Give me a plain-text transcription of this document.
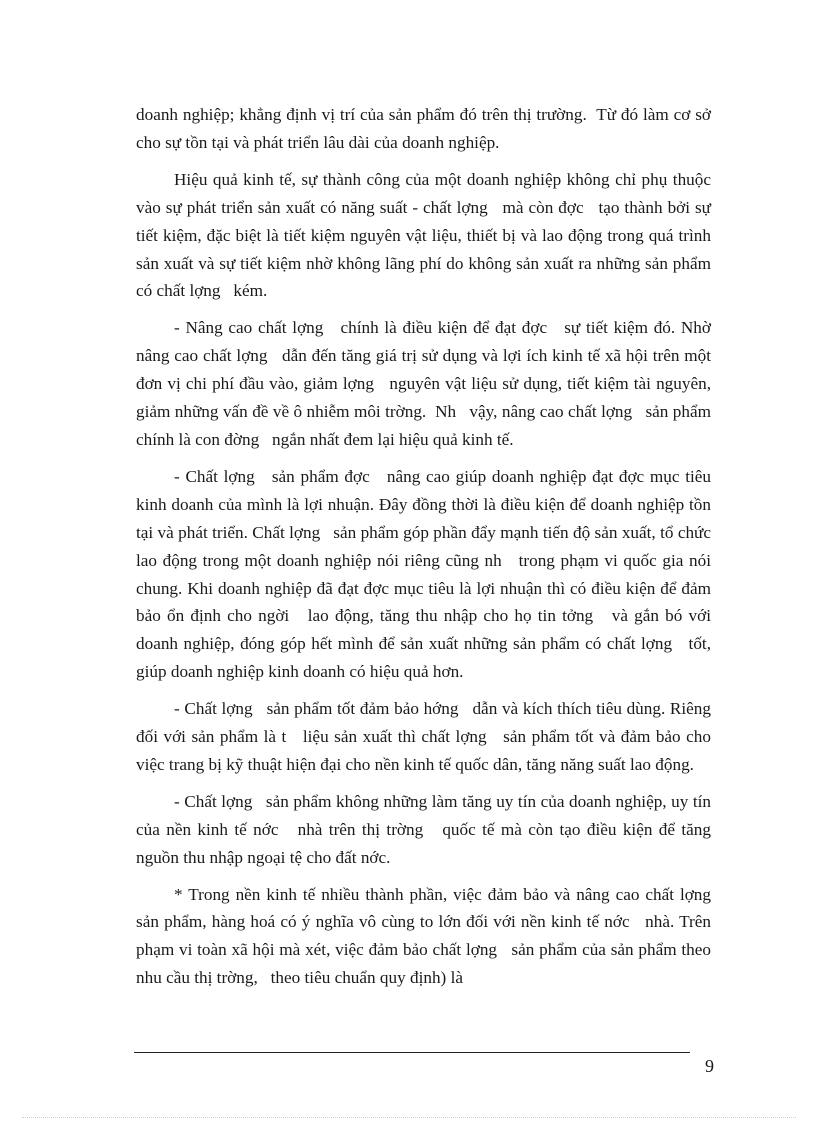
doanh nghiệp; khẳng định vị trí của sản phẩm đó trên thị trường.  Từ đó làm cơ sở cho sự tồn tại và phát triển lâu dài của doanh nghiệp.

Hiệu quả kinh tế, sự thành công của một doanh nghiệp không chỉ phụ thuộc vào sự phát triển sản xuất có năng suất - chất lợng   mà còn đợc   tạo thành bởi sự tiết kiệm, đặc biệt là tiết kiệm nguyên vật liệu, thiết bị và lao động trong quá trình sản xuất và sự tiết kiệm nhờ không lãng phí do không sản xuất ra những sản phẩm có chất lợng   kém.

- Nâng cao chất lợng   chính là điều kiện để đạt đợc   sự tiết kiệm đó. Nhờ nâng cao chất lợng   dẫn đến tăng giá trị sử dụng và lợi ích kinh tế xã hội trên một đơn vị chi phí đầu vào, giảm lợng   nguyên vật liệu sử dụng, tiết kiệm tài nguyên, giảm những vấn đề về ô nhiễm môi trờng.  Nh   vậy, nâng cao chất lợng   sản phẩm chính là con đờng   ngắn nhất đem lại hiệu quả kinh tế.

- Chất lợng   sản phẩm đợc   nâng cao giúp doanh nghiệp đạt đợc mục tiêu kinh doanh của mình là lợi nhuận. Đây đồng thời là điều kiện để doanh nghiệp tồn tại và phát triển. Chất lợng   sản phẩm góp phần đẩy mạnh tiến độ sản xuất, tổ chức lao động trong một doanh nghiệp nói riêng cũng nh   trong phạm vi quốc gia nói chung. Khi doanh nghiệp đã đạt đợc mục tiêu là lợi nhuận thì có điều kiện để đảm bảo ổn định cho ngời   lao động, tăng thu nhập cho họ tin tởng   và gắn bó với doanh nghiệp, đóng góp hết mình để sản xuất những sản phẩm có chất lợng   tốt, giúp doanh nghiệp kinh doanh có hiệu quả hơn.

- Chất lợng   sản phẩm tốt đảm bảo hớng   dẫn và kích thích tiêu dùng. Riêng đối với sản phẩm là t   liệu sản xuất thì chất lợng   sản phẩm tốt và đảm bảo cho việc trang bị kỹ thuật hiện đại cho nền kinh tế quốc dân, tăng năng suất lao động.

- Chất lợng   sản phẩm không những làm tăng uy tín của doanh nghiệp, uy tín của nền kinh tế nớc   nhà trên thị trờng   quốc tế mà còn tạo điều kiện để tăng nguồn thu nhập ngoại tệ cho đất nớc.

* Trong nền kinh tế nhiều thành phần, việc đảm bảo và nâng cao chất lợng   sản phẩm, hàng hoá có ý nghĩa vô cùng to lớn đối với nền kinh tế nớc   nhà. Trên phạm vi toàn xã hội mà xét, việc đảm bảo chất lợng   sản phẩm của sản phẩm theo nhu cầu thị trờng,   theo tiêu chuẩn quy định) là

9
